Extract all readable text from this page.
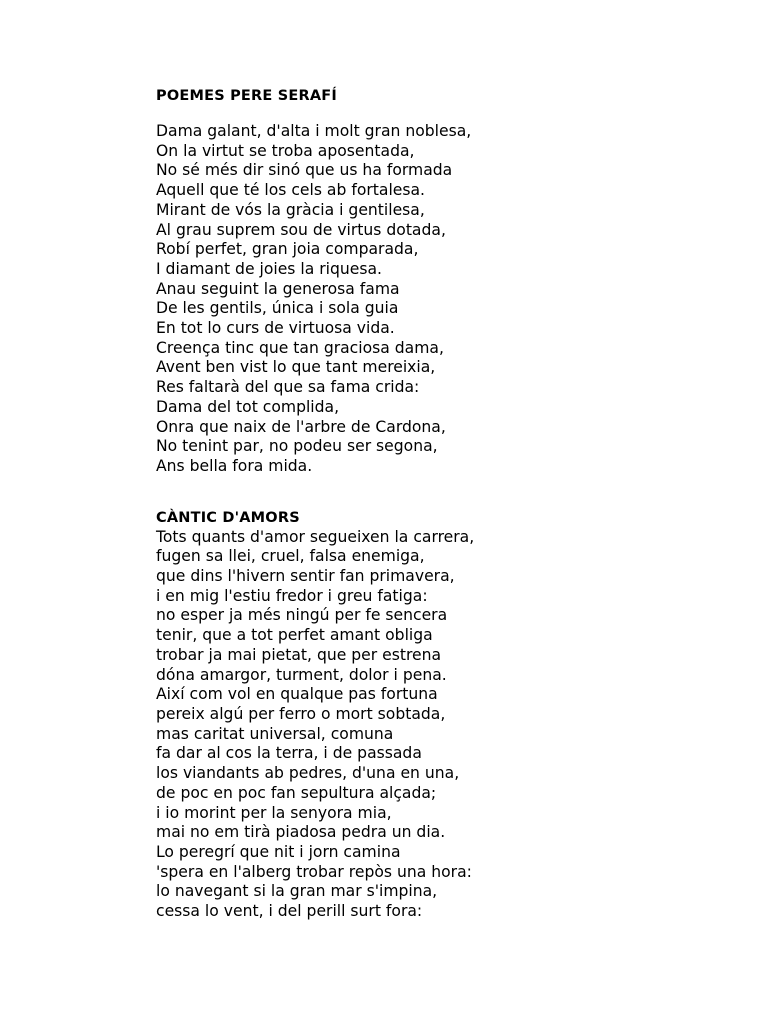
POEMES PERE SERAFÍ
Dama galant, d'alta i molt gran noblesa,
On la virtut se troba aposentada,
No sé més dir sinó que us ha formada
Aquell que té los cels ab fortalesa.
Mirant de vós la gràcia i gentilesa,
Al grau suprem sou de virtus dotada,
Robí perfet, gran joia comparada,
I diamant de joies la riquesa.
Anau seguint la generosa fama
De les gentils, única i sola guia
En tot lo curs de virtuosa vida.
Creença tinc que tan graciosa dama,
Avent ben vist lo que tant mereixia,
Res faltarà del que sa fama crida:
Dama del tot complida,
Onra que naix de l'arbre de Cardona,
No tenint par, no podeu ser segona,
Ans bella fora mida.
CÀNTIC D'AMORS
Tots quants d'amor segueixen la carrera,
fugen sa llei, cruel, falsa enemiga,
que dins l'hivern sentir fan primavera,
i en mig l'estiu fredor i greu fatiga:
no esper ja més ningú per fe sencera
tenir, que a tot perfet amant obliga
trobar ja mai pietat, que per estrena
dóna amargor, turment, dolor i pena.
Així com vol en qualque pas fortuna
pereix algú per ferro o mort sobtada,
mas caritat universal, comuna
fa dar al cos la terra, i de passada
los viandants ab pedres, d'una en una,
de poc en poc fan sepultura alçada;
i io morint per la senyora mia,
mai no em tirà piadosa pedra un dia.
Lo peregrí que nit i jorn camina
'spera en l'alberg trobar repòs una hora:
lo navegant si la gran mar s'impina,
cessa lo vent, i del perill surt fora:
